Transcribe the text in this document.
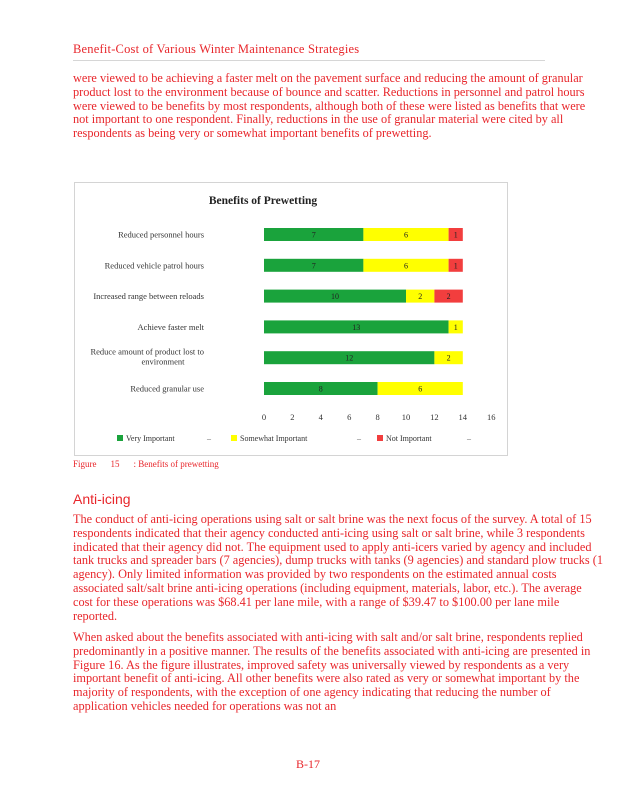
Benefit-Cost of Various Winter Maintenance Strategies

were viewed to be achieving a faster melt on the pavement surface and reducing the amount of granular product lost to the environment because of bounce and scatter. Reductions in personnel and patrol hours were viewed to be benefits by most respondents, although both of these were listed as benefits that were not important to one respondent. Finally, reductions in the use of granular material were cited by all respondents as being very or somewhat important benefits of prewetting.

Benefits of Prewetting
Reduced personnel hours	7	6	1
Reduced vehicle patrol hours	7	6	1
Increased range between reloads	10	2	2
Achieve faster melt	13	1
Reduce amount of product lost to
environment	12	2
Reduced granular use	8	6
0	2	4	6	8	10 12 14 16
Very Important	Somewhat Important	Not Important
–	–	–
Figure 15 : Benefits of prewetting
Anti-icing

The conduct of anti-icing operations using salt or salt brine was the next focus of the survey. A total of 15 respondents indicated that their agency conducted anti-icing using salt or salt brine, while 3 respondents indicated that their agency did not. The equipment used to apply anti-icers varied by agency and included tank trucks and spreader bars (7 agencies), dump trucks with tanks (9 agencies) and standard plow trucks (1 agency). Only limited information was provided by two respondents on the estimated annual costs associated salt/salt brine anti-icing operations (including equipment, materials, labor, etc.). The average cost for these operations was $68.41 per lane mile, with a range of $39.47 to $100.00 per lane mile reported.

When asked about the benefits associated with anti-icing with salt and/or salt brine, respondents replied predominantly in a positive manner. The results of the benefits associated with anti-icing are presented in Figure 16. As the figure illustrates, improved safety was universally viewed by respondents as a very important benefit of anti-icing. All other benefits were also rated as very or somewhat important by the majority of respondents, with the exception of one agency indicating that reducing the number of application vehicles needed for operations was not an

B-17
